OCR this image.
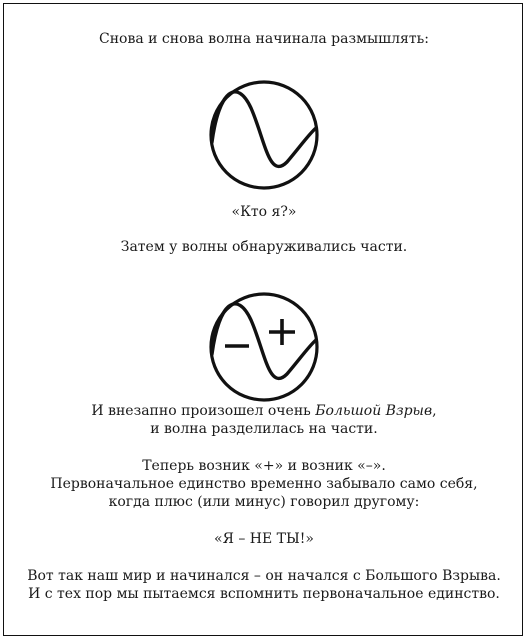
Снова и снова волна начинала размышлять:
«Кто я?»
Затем у волны обнаруживались части.
И внезапно произошел очень Большой Взрыв,
и волна разделилась на части.
Теперь возник «+» и возник «–».
Первоначальное единство временно забывало само себя,
когда плюс (или минус) говорил другому:
«Я – НЕ ТЫ!»
Вот так наш мир и начинался – он начался с Большого Взрыва.
И с тех пор мы пытаемся вспомнить первоначальное единство.
